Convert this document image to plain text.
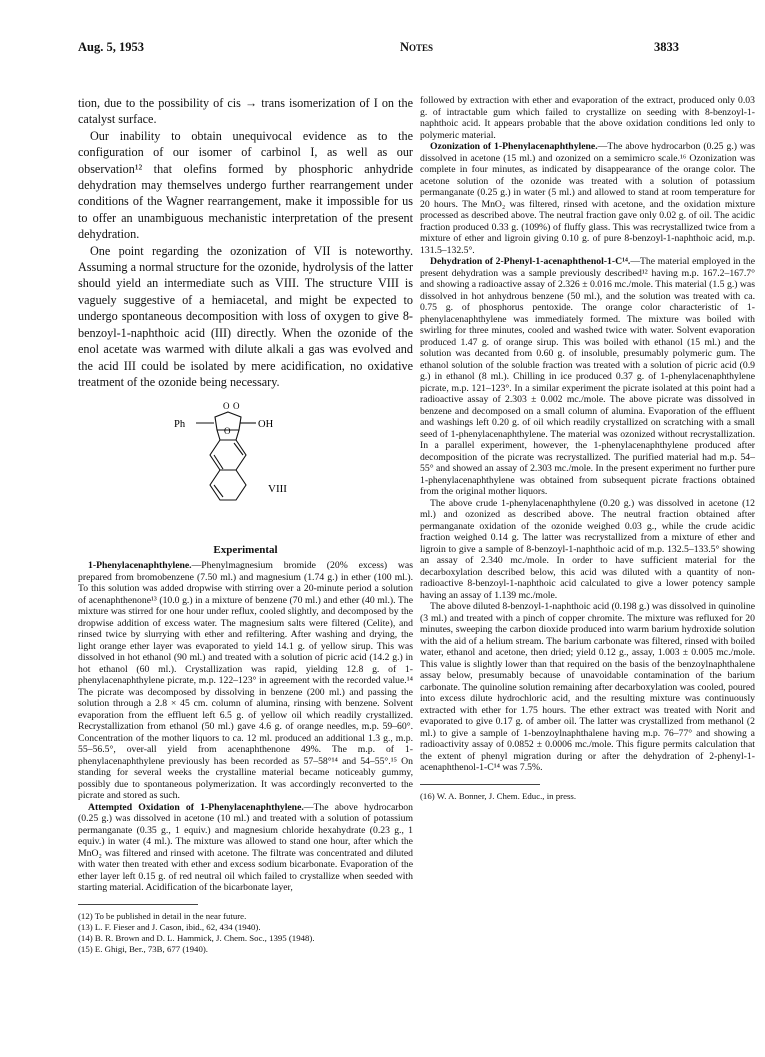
Aug. 5, 1953	Notes	3833

tion, due to the possibility of cis → trans isomerization of I on the catalyst surface.

Our inability to obtain unequivocal evidence as to the configuration of our isomer of carbinol I, as well as our observation¹² that olefins formed by phosphoric anhydride dehydration may themselves undergo further rearrangement under conditions of the Wagner rearrangement, make it impossible for us to offer an unambiguous mechanistic interpretation of the present dehydration.

One point regarding the ozonization of VII is noteworthy. Assuming a normal structure for the ozonide, hydrolysis of the latter should yield an intermediate such as VIII. The structure VIII is vaguely suggestive of a hemiacetal, and might be expected to undergo spontaneous decomposition with loss of oxygen to give 8-benzoyl-1-naphthoic acid (III) directly. When the ozonide of the enol acetate was warmed with dilute alkali a gas was evolved and the acid III could be isolated by mere acidification, no oxidative treatment of the ozonide being necessary.

Ph
O O
O
OH
VIII
Experimental

1-Phenylacenaphthylene.—Phenylmagnesium bromide (20% excess) was prepared from bromobenzene (7.50 ml.) and magnesium (1.74 g.) in ether (100 ml.). To this solution was added dropwise with stirring over a 20-minute period a solution of acenaphthenone¹³ (10.0 g.) in a mixture of benzene (70 ml.) and ether (40 ml.). The mixture was stirred for one hour under reflux, cooled slightly, and decomposed by the dropwise addition of excess water. The magnesium salts were filtered (Celite), and rinsed twice by slurrying with ether and refiltering. After washing and drying, the light orange ether layer was evaporated to yield 14.1 g. of yellow sirup. This was dissolved in hot ethanol (90 ml.) and treated with a solution of picric acid (14.2 g.) in hot ethanol (60 ml.). Crystallization was rapid, yielding 12.8 g. of 1-phenylacenaphthylene picrate, m.p. 122–123° in agreement with the recorded value.¹⁴ The picrate was decomposed by dissolving in benzene (200 ml.) and passing the solution through a 2.8 × 45 cm. column of alumina, rinsing with benzene. Solvent evaporation from the effluent left 6.5 g. of yellow oil which readily crystallized. Recrystallization from ethanol (50 ml.) gave 4.6 g. of orange needles, m.p. 59–60°. Concentration of the mother liquors to ca. 12 ml. produced an additional 1.3 g., m.p. 55–56.5°, over-all yield from acenaphthenone 49%. The m.p. of 1-phenylacenaphthylene previously has been recorded as 57–58°¹⁴ and 54–55°.¹⁵ On standing for several weeks the crystalline material became noticeably gummy, possibly due to spontaneous polymerization. It was accordingly reconverted to the picrate and stored as such.

Attempted Oxidation of 1-Phenylacenaphthylene.—The above hydrocarbon (0.25 g.) was dissolved in acetone (10 ml.) and treated with a solution of potassium permanganate (0.35 g., 1 equiv.) and magnesium chloride hexahydrate (0.23 g., 1 equiv.) in water (4 ml.). The mixture was allowed to stand one hour, after which the MnO₂ was filtered and rinsed with acetone. The filtrate was concentrated and diluted with water then treated with ether and excess sodium bicarbonate. Evaporation of the ether layer left 0.15 g. of red neutral oil which failed to crystallize when seeded with starting material. Acidification of the bicarbonate layer,

(12) To be published in detail in the near future.

(13) L. F. Fieser and J. Cason, ibid., 62, 434 (1940).

(14) B. R. Brown and D. L. Hammick, J. Chem. Soc., 1395 (1948).

(15) E. Ghigi, Ber., 73B, 677 (1940).

followed by extraction with ether and evaporation of the extract, produced only 0.03 g. of intractable gum which failed to crystallize on seeding with 8-benzoyl-1-naphthoic acid. It appears probable that the above oxidation conditions led only to polymeric material.

Ozonization of 1-Phenylacenaphthylene.—The above hydrocarbon (0.25 g.) was dissolved in acetone (15 ml.) and ozonized on a semimicro scale.¹⁶ Ozonization was complete in four minutes, as indicated by disappearance of the orange color. The acetone solution of the ozonide was treated with a solution of potassium permanganate (0.25 g.) in water (5 ml.) and allowed to stand at room temperature for 20 hours. The MnO₂ was filtered, rinsed with acetone, and the oxidation mixture processed as described above. The neutral fraction gave only 0.02 g. of oil. The acidic fraction produced 0.33 g. (109%) of fluffy glass. This was recrystallized twice from a mixture of ether and ligroin giving 0.10 g. of pure 8-benzoyl-1-naphthoic acid, m.p. 131.5–132.5°.

Dehydration of 2-Phenyl-1-acenaphthenol-1-C¹⁴.—The material employed in the present dehydration was a sample previously described¹² having m.p. 167.2–167.7° and showing a radioactive assay of 2.326 ± 0.016 mc./mole. This material (1.5 g.) was dissolved in hot anhydrous benzene (50 ml.), and the solution was treated with ca. 0.75 g. of phosphorus pentoxide. The orange color characteristic of 1-phenylacenaphthylene was immediately formed. The mixture was boiled with swirling for three minutes, cooled and washed twice with water. Solvent evaporation produced 1.47 g. of orange sirup. This was boiled with ethanol (15 ml.) and the solution was decanted from 0.60 g. of insoluble, presumably polymeric gum. The ethanol solution of the soluble fraction was treated with a solution of picric acid (0.9 g.) in ethanol (8 ml.). Chilling in ice produced 0.37 g. of 1-phenylacenaphthylene picrate, m.p. 121–123°. In a similar experiment the picrate isolated at this point had a radioactive assay of 2.303 ± 0.002 mc./mole. The above picrate was dissolved in benzene and decomposed on a small column of alumina. Evaporation of the effluent and washings left 0.20 g. of oil which readily crystallized on scratching with a small seed of 1-phenylacenaphthylene. The material was ozonized without recrystallization. In a parallel experiment, however, the 1-phenylacenaphthylene produced after decomposition of the picrate was recrystallized. The purified material had m.p. 54–55° and showed an assay of 2.303 mc./mole. In the present experiment no further pure 1-phenylacenaphthylene was obtained from subsequent picrate fractions obtained from the original mother liquors.

The above crude 1-phenylacenaphthylene (0.20 g.) was dissolved in acetone (12 ml.) and ozonized as described above. The neutral fraction obtained after permanganate oxidation of the ozonide weighed 0.03 g., while the crude acidic fraction weighed 0.14 g. The latter was recrystallized from a mixture of ether and ligroin to give a sample of 8-benzoyl-1-naphthoic acid of m.p. 132.5–133.5° showing an assay of 2.340 mc./mole. In order to have sufficient material for the decarboxylation described below, this acid was diluted with a quantity of non-radioactive 8-benzoyl-1-naphthoic acid calculated to give a lower potency sample having an assay of 1.139 mc./mole.

The above diluted 8-benzoyl-1-naphthoic acid (0.198 g.) was dissolved in quinoline (3 ml.) and treated with a pinch of copper chromite. The mixture was refluxed for 20 minutes, sweeping the carbon dioxide produced into warm barium hydroxide solution with the aid of a helium stream. The barium carbonate was filtered, rinsed with boiled water, ethanol and acetone, then dried; yield 0.12 g., assay, 1.003 ± 0.005 mc./mole. This value is slightly lower than that required on the basis of the benzoylnaphthalene assay below, presumably because of unavoidable contamination of the barium carbonate. The quinoline solution remaining after decarboxylation was cooled, poured into excess dilute hydrochloric acid, and the resulting mixture was continuously extracted with ether for 1.75 hours. The ether extract was treated with Norit and evaporated to give 0.17 g. of amber oil. The latter was crystallized from methanol (2 ml.) to give a sample of 1-benzoylnaphthalene having m.p. 76–77° and showing a radioactivity assay of 0.0852 ± 0.0006 mc./mole. This figure permits calculation that the extent of phenyl migration during or after the dehydration of 2-phenyl-1-acenaphthenol-1-C¹⁴ was 7.5%.

(16) W. A. Bonner, J. Chem. Educ., in press.
